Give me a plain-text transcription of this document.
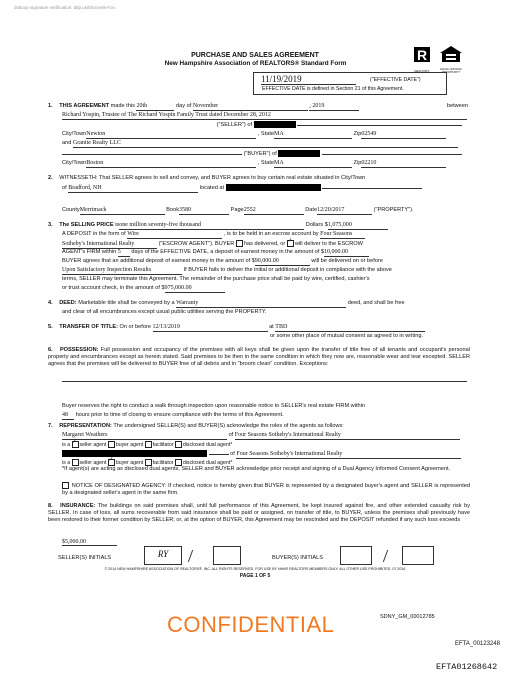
dotloop signature verification: dtlp.us/Ekrovmk-Foo
PURCHASE AND SALES AGREEMENT
New Hampshire Association of REALTORS® Standard Form
R
REALTOR®	EQUAL HOUSING OPPORTUNITY
11/19/2019	("EFFECTIVE DATE")
EFFECTIVE DATE is defined in Section 21 of this Agreement.
1. THIS AGREEMENT made this 20th	day of November	, 2019	between
Richard Yospin, Trustee of The Richard Yospin Family Trust dated December 28, 2012
("SELLER") of
City/TownNewton	, StateMA	Zip02549
and Granite Realty LLC
("BUYER") of
City/TownBoston	, StateMA	Zip02210
2. WITNESSETH: That SELLER agrees to sell and convey, and BUYER agrees to buy certain real estate situated in City/Town
of Bradford, NH	located at
CountyMerrimack	Book3580	Page2552	Date12/20/2017	("PROPERTY").
3. The SELLING PRICE isone million seventy-five thousand	Dollars $1,075,000
A DEPOSIT in the form of Wire	, is to be held in an escrow account by Four Seasons
Sotheby's International Realty	("ESCROW AGENT"). BUYER has delivered, or ✓ will deliver to the ESCROW
AGENT's FIRM within 5 days of the EFFECTIVE DATE, a deposit of earnest money in the amount of $10,000.00
BUYER agrees that an additional deposit of earnest money in the amount of $90,000.00	will be delivered on or before
Upon Satisfactory Inspection Results	If BUYER fails to deliver the initial or additional deposit in compliance with the above
terms, SELLER may terminate this Agreement. The remainder of the purchase price shall be paid by wire, certified, cashier's
or trust account check, in the amount of $975,000.00
4. DEED: Marketable title shall be conveyed by a Warranty	deed, and shall be free
and clear of all encumbrances except usual public utilities serving the PROPERTY.
5. TRANSFER OF TITLE: On or before 12/13/2019	at TBD
or some other place of mutual consent as agreed to in writing.
6. POSSESSION: Full possession and occupancy of the premises with all keys shall be given upon the transfer of title free of all tenants and occupant's personal property and encumbrances except as herein stated. Said premises to be then in the same condition in which they now are, reasonable wear and tear excepted. SELLER agrees that the premises will be delivered to BUYER free of all debris and in "broom clean" condition. Exceptions:
Buyer reserves the right to conduct a walk through inspection upon reasonable notice to SELLER's real estate FIRM within
48 hours prior to time of closing to ensure compliance with the terms of this Agreement.
7. REPRESENTATION: The undersigned SELLER(S) and BUYER(S) acknowledge the roles of the agents as follows:
Margaret Weathers	of Four Seasons Sotheby's International Realty
is a ✓ seller agent buyer agent facilitator disclosed dual agent*
of Four Seasons Sotheby's International Realty
is a seller agent ✓ buyer agent facilitator disclosed dual agent*
*If agent(s) are acting as disclosed dual agents, SELLER and BUYER acknowledge prior receipt and signing of a Dual Agency Informed Consent Agreement.
NOTICE OF DESIGNATED AGENCY: If checked, notice is hereby given that BUYER is represented by a designated buyer's agent and SELLER is represented by a designated seller's agent in the same firm.
8. INSURANCE: The buildings on said premises shall, until full performance of this Agreement, be kept insured against fire, and other extended casualty risk by SELLER. In case of loss, all sums recoverable from said insurance shall be paid or assigned, on transfer of title, to BUYER, unless the premises shall previously have been restored to their former condition by SELLER; or, at the option of BUYER, this Agreement may be rescinded and the DEPOSIT refunded if any such loss exceeds
$5,000.00
SELLER(S) INITIALS	RY	BUYER(S) INITIALS
© 2014 NEW HAMPSHIRE ASSOCIATION OF REALTORS®, INC. ALL RIGHTS RESERVED. FOR USE BY NHAR REALTORS MEMBERS ONLY. ALL OTHER USE PROHIBITED. 07.2016
PAGE 1 OF 5
SDNY_GM_00012785
CONFIDENTIAL
EFTA_00123248
EFTA01268642
